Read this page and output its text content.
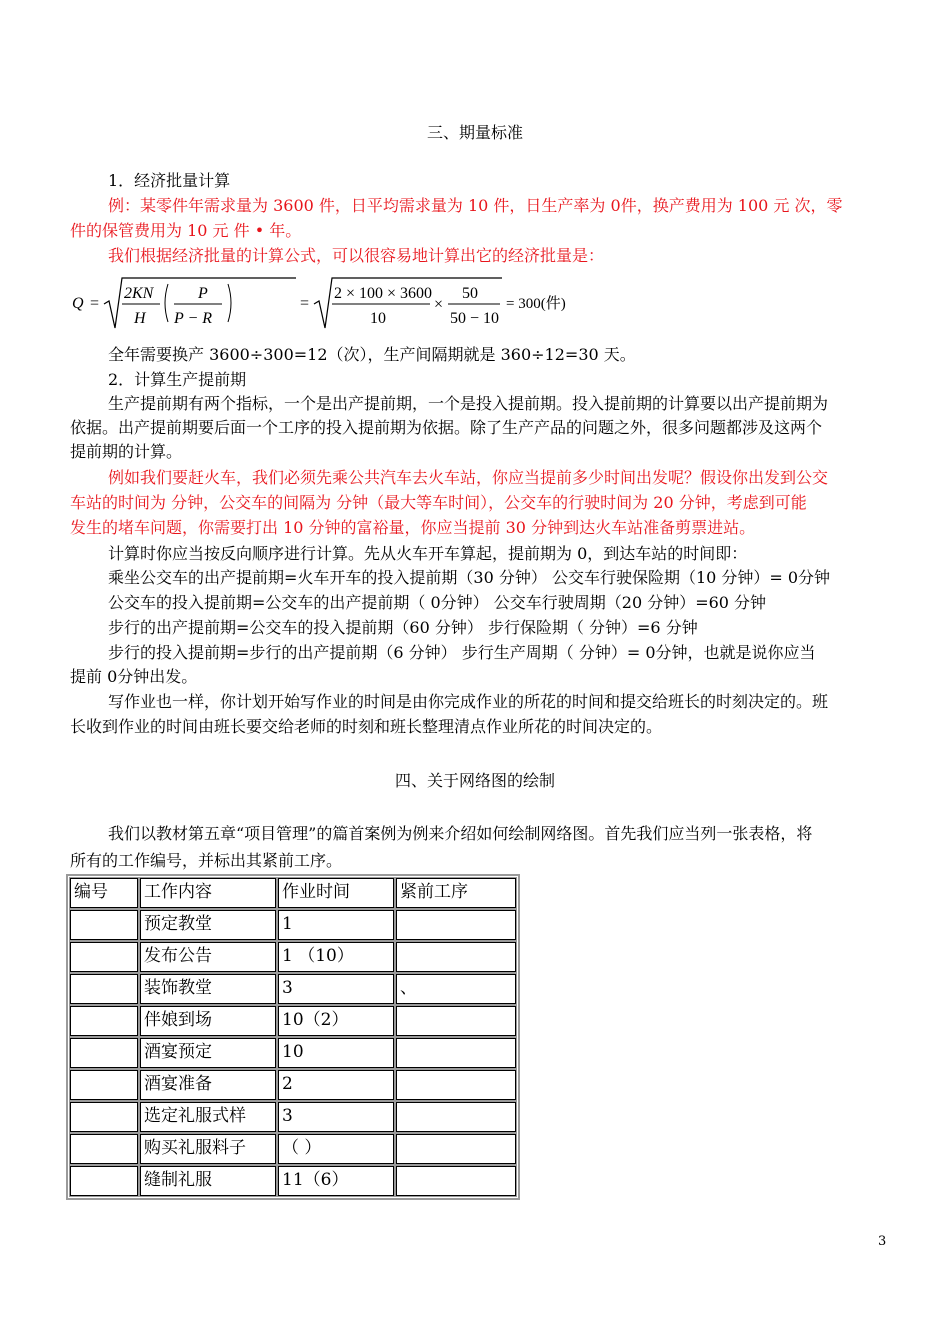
三、期量标准
1．经济批量计算
例：某零件年需求量为 3600 件，日平均需求量为 10 件，日生产率为 0件，换产费用为 100 元 次，零
件的保管费用为 10 元 件 • 年。
我们根据经济批量的计算公式，可以很容易地计算出它的经济批量是：
Q =
2KN
H
P
P − R
=
2 × 100 × 3600
10
×
50
50 − 10
= 300(件)
全年需要换产 3600÷300=12（次），生产间隔期就是 360÷12=30 天。
2．计算生产提前期
生产提前期有两个指标，一个是出产提前期，一个是投入提前期。投入提前期的计算要以出产提前期为
依据。出产提前期要后面一个工序的投入提前期为依据。除了生产产品的问题之外，很多问题都涉及这两个
提前期的计算。
例如我们要赶火车，我们必须先乘公共汽车去火车站，你应当提前多少时间出发呢？假设你出发到公交
车站的时间为 分钟，公交车的间隔为 分钟（最大等车时间），公交车的行驶时间为 20 分钟，考虑到可能
发生的堵车问题，你需要打出 10 分钟的富裕量，你应当提前 30 分钟到达火车站准备剪票进站。
计算时你应当按反向顺序进行计算。先从火车开车算起，提前期为 0，到达车站的时间即：
乘坐公交车的出产提前期=火车开车的投入提前期（30 分钟） 公交车行驶保险期（10 分钟）= 0分钟
公交车的投入提前期=公交车的出产提前期（ 0分钟） 公交车行驶周期（20 分钟）=60 分钟
步行的出产提前期=公交车的投入提前期（60 分钟） 步行保险期（ 分钟）=6 分钟
步行的投入提前期=步行的出产提前期（6 分钟） 步行生产周期（ 分钟）= 0分钟，也就是说你应当
提前 0分钟出发。
写作业也一样，你计划开始写作业的时间是由你完成作业的所花的时间和提交给班长的时刻决定的。班
长收到作业的时间由班长要交给老师的时刻和班长整理清点作业所花的时间决定的。
四、关于网络图的绘制
我们以教材第五章“项目管理”的篇首案例为例来介绍如何绘制网络图。首先我们应当列一张表格，将
所有的工作编号，并标出其紧前工序。
编号	工作内容	作业时间	紧前工序
	预定教堂	1	
	发布公告	1 （10）	
	装饰教堂	3	、
	伴娘到场	10（2）	
	酒宴预定	10	
	酒宴准备	2	
	选定礼服式样	3	
	购买礼服料子	（ ）	
	缝制礼服	11（6）	
3
